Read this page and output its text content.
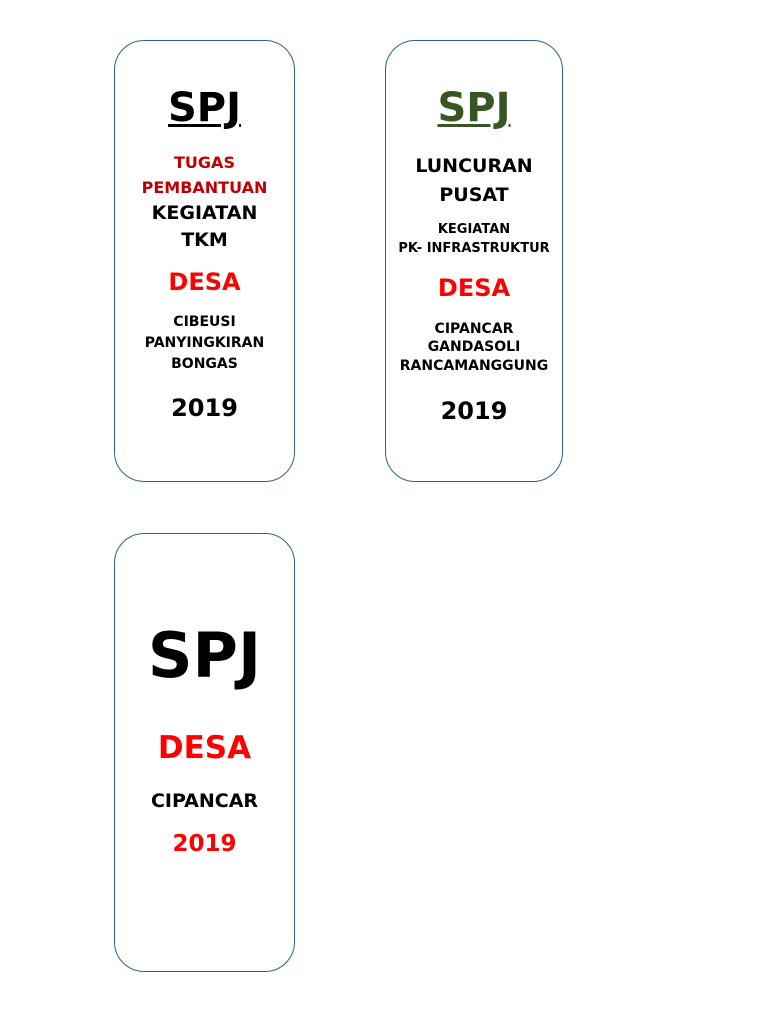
SPJ

TUGAS

PEMBANTUAN

KEGIATAN

TKM

DESA

CIBEUSI

PANYINGKIRAN

BONGAS

2019

SPJ

LUNCURAN

PUSAT

KEGIATAN

PK- INFRASTRUKTUR

DESA

CIPANCAR

GANDASOLI

RANCAMANGGUNG

2019

SPJ

DESA

CIPANCAR

2019
